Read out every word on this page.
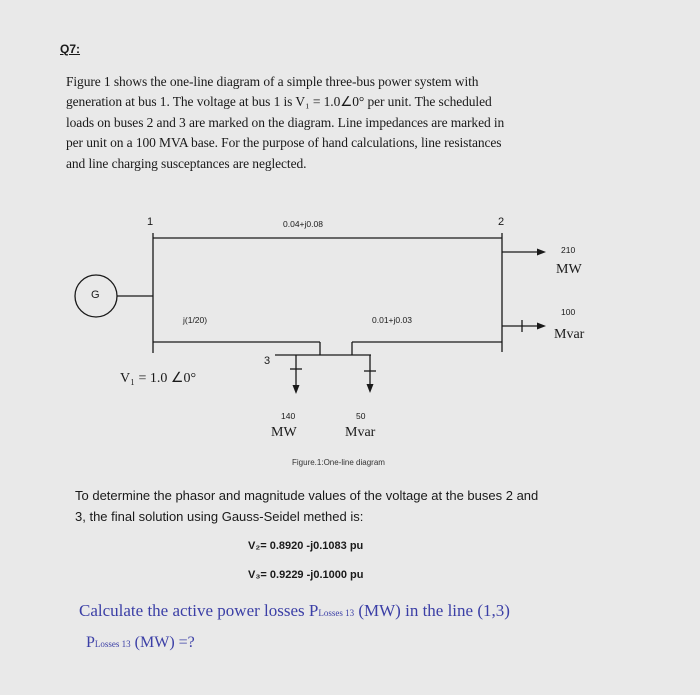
Q7:
Figure 1 shows the one-line diagram of a simple three-bus power system with
generation at bus 1. The voltage at bus 1 is V₁ = 1.0∠0° per unit. The scheduled
loads on buses 2 and 3 are marked on the diagram. Line impedances are marked in
per unit on a 100 MVA base. For the purpose of hand calculations, line resistances
and line charging susceptances are neglected.
1	2
3
0.04+j0.08
j(1/20)	0.01+j0.03
G
210
MW
100
Mvar
140
MW
50
Mvar
V₁ = 1.0 ∠0°
Figure.1:One-line diagram
To determine the phasor and magnitude values of the voltage at the buses 2 and
3, the final solution using Gauss-Seidel methed is:
V₂= 0.8920 -j0.1083 pu
V₃= 0.9229 -j0.1000 pu
Calculate the active power losses PLosses 13 (MW) in the line (1,3)
PLosses 13 (MW) =?
